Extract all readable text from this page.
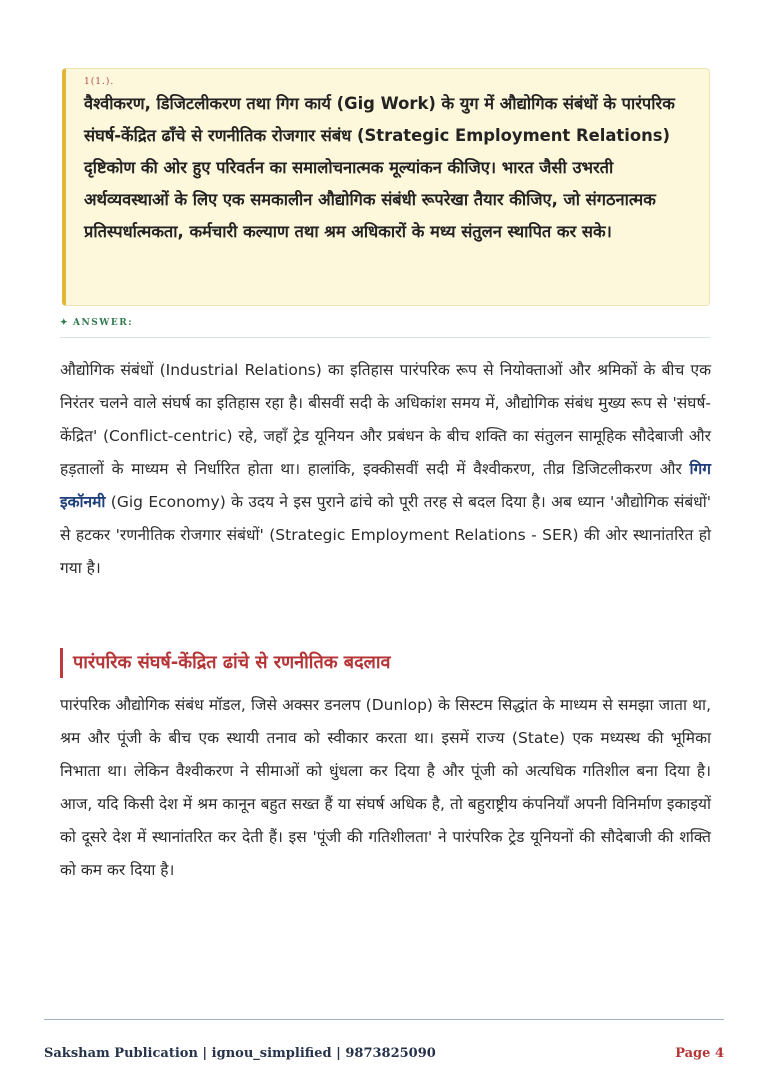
1(1.).
वैश्वीकरण, डिजिटलीकरण तथा गिग कार्य (Gig Work) के युग में औद्योगिक संबंधों के पारंपरिक संघर्ष-केंद्रित ढाँचे से रणनीतिक रोजगार संबंध (Strategic Employment Relations) दृष्टिकोण की ओर हुए परिवर्तन का समालोचनात्मक मूल्यांकन कीजिए। भारत जैसी उभरती अर्थव्यवस्थाओं के लिए एक समकालीन औद्योगिक संबंधी रूपरेखा तैयार कीजिए, जो संगठनात्मक प्रतिस्पर्धात्मकता, कर्मचारी कल्याण तथा श्रम अधिकारों के मध्य संतुलन स्थापित कर सके।
✦ ANSWER:

औद्योगिक संबंधों (Industrial Relations) का इतिहास पारंपरिक रूप से नियोक्ताओं और श्रमिकों के बीच एक निरंतर चलने वाले संघर्ष का इतिहास रहा है। बीसवीं सदी के अधिकांश समय में, औद्योगिक संबंध मुख्य रूप से 'संघर्ष-केंद्रित' (Conflict-centric) रहे, जहाँ ट्रेड यूनियन और प्रबंधन के बीच शक्ति का संतुलन सामूहिक सौदेबाजी और हड़तालों के माध्यम से निर्धारित होता था। हालांकि, इक्कीसवीं सदी में वैश्वीकरण, तीव्र डिजिटलीकरण और गिग इकॉनमी (Gig Economy) के उदय ने इस पुराने ढांचे को पूरी तरह से बदल दिया है। अब ध्यान 'औद्योगिक संबंधों' से हटकर 'रणनीतिक रोजगार संबंधों' (Strategic Employment Relations - SER) की ओर स्थानांतरित हो गया है।

पारंपरिक संघर्ष-केंद्रित ढांचे से रणनीतिक बदलाव

पारंपरिक औद्योगिक संबंध मॉडल, जिसे अक्सर डनलप (Dunlop) के सिस्टम सिद्धांत के माध्यम से समझा जाता था, श्रम और पूंजी के बीच एक स्थायी तनाव को स्वीकार करता था। इसमें राज्य (State) एक मध्यस्थ की भूमिका निभाता था। लेकिन वैश्वीकरण ने सीमाओं को धुंधला कर दिया है और पूंजी को अत्यधिक गतिशील बना दिया है। आज, यदि किसी देश में श्रम कानून बहुत सख्त हैं या संघर्ष अधिक है, तो बहुराष्ट्रीय कंपनियाँ अपनी विनिर्माण इकाइयों को दूसरे देश में स्थानांतरित कर देती हैं। इस 'पूंजी की गतिशीलता' ने पारंपरिक ट्रेड यूनियनों की सौदेबाजी की शक्ति को कम कर दिया है।

Saksham Publication | ignou_simplified | 9873825090	Page 4
